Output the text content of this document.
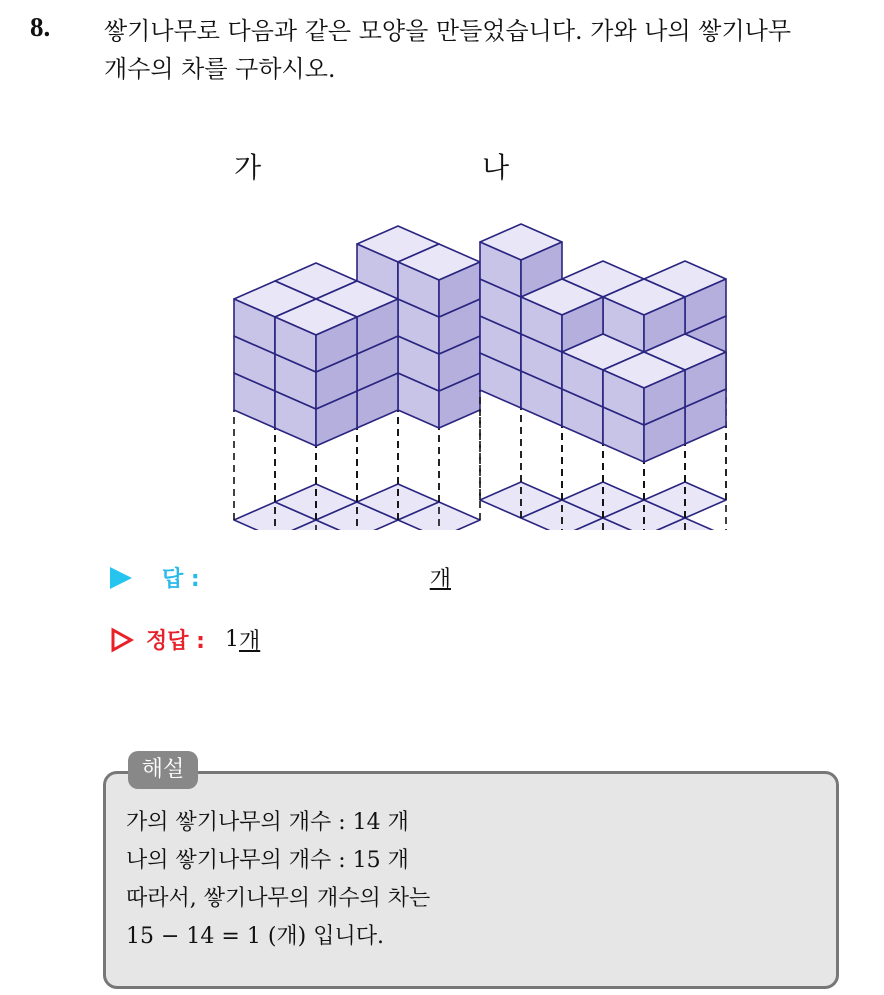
8. 쌓기나무로 다음과 같은 모양을 만들었습니다. 가와 나의 쌓기나무
개수의 차를 구하시오.
가	나
답 :	개
정답 : 1 개
해설
가의 쌓기나무의 개수 : 14 개
나의 쌓기나무의 개수 : 15 개
따라서, 쌓기나무의 개수의 차는
15 − 14 = 1 (개) 입니다.
